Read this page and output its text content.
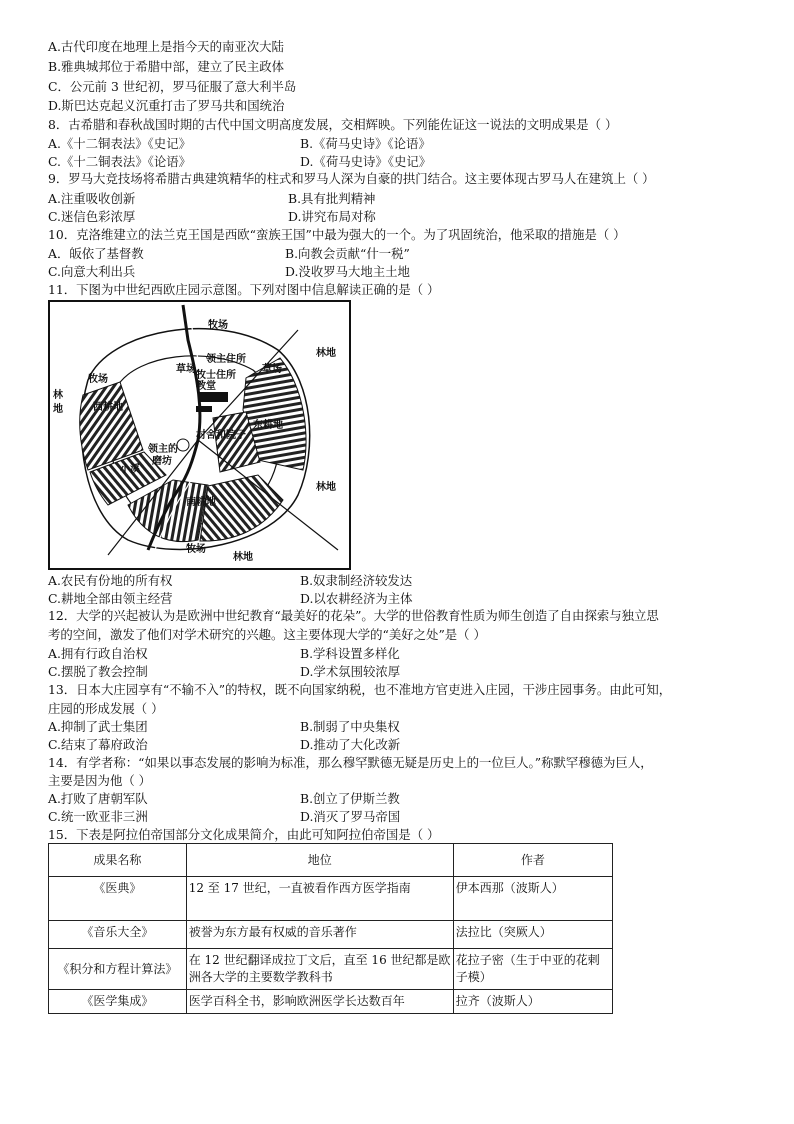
A.古代印度在地理上是指今天的南亚次大陆
B.雅典城邦位于希腊中部，建立了民主政体
C．公元前 3 世纪初，罗马征服了意大利半岛
D.斯巴达克起义沉重打击了罗马共和国统治
8．古希腊和春秋战国时期的古代中国文明高度发展，交相辉映。下列能佐证这一说法的文明成果是（ ）
A.《十二铜表法》《史记》	B.《荷马史诗》《论语》
C.《十二铜表法》《论语》	D.《荷马史诗》《史记》
9．罗马大竞技场将希腊古典建筑精华的柱式和罗马人深为自豪的拱门结合。这主要体现古罗马人在建筑上（ ）
A.注重吸收创新	B.具有批判精神
C.迷信色彩浓厚	D.讲究布局对称
10．克洛维建立的法兰克王国是西欧“蛮族王国”中最为强大的一个。为了巩固统治，他采取的措施是（ ）
A．皈依了基督教	B.向教会贡献“什一税”
C.向意大利出兵	D.没收罗马大地主土地
11．下图为中世纪西欧庄园示意图。下列对图中信息解读正确的是（ ）
牧场
林地
林
地
牧场
西耕地
领主住所
牧士住所
教堂
村舍和院子
东耕地
领主的
磨坊
小溪
南耕地
林地
牧场
林地
草场	草场
A.农民有份地的所有权	B.奴隶制经济较发达
C.耕地全部由领主经营	D.以农耕经济为主体
12．大学的兴起被认为是欧洲中世纪教育“最美好的花朵”。大学的世俗教育性质为师生创造了自由探索与独立思
考的空间，激发了他们对学术研究的兴趣。这主要体现大学的“美好之处”是（ ）
A.拥有行政自治权	B.学科设置多样化
C.摆脱了教会控制	D.学术氛围较浓厚
13．日本大庄园享有“不输不入”的特权，既不向国家纳税，也不准地方官吏进入庄园，干涉庄园事务。由此可知，
庄园的形成发展（ ）
A.抑制了武士集团	B.制弱了中央集权
C.结束了幕府政治	D.推动了大化改新
14．有学者称：“如果以事态发展的影响为标准，那么穆罕默德无疑是历史上的一位巨人。”称默罕穆德为巨人，
主要是因为他（ ）
A.打败了唐朝军队	B.创立了伊斯兰教
C.统一欧亚非三洲	D.消灭了罗马帝国
15．下表是阿拉伯帝国部分文化成果简介，由此可知阿拉伯帝国是（ ）
成果名称	地位	作者
《医典》	12 至 17 世纪，一直被看作西方医学指南	伊本西那（波斯人）
《音乐大全》	被誉为东方最有权威的音乐著作	法拉比（突厥人）
《积分和方程计算法》	在 12 世纪翻译成拉丁文后，直至 16 世纪都是欧洲各大学的主要数学教科书	花拉子密（生于中亚的花剌子模）
《医学集成》	医学百科全书，影响欧洲医学长达数百年	拉齐（波斯人）
